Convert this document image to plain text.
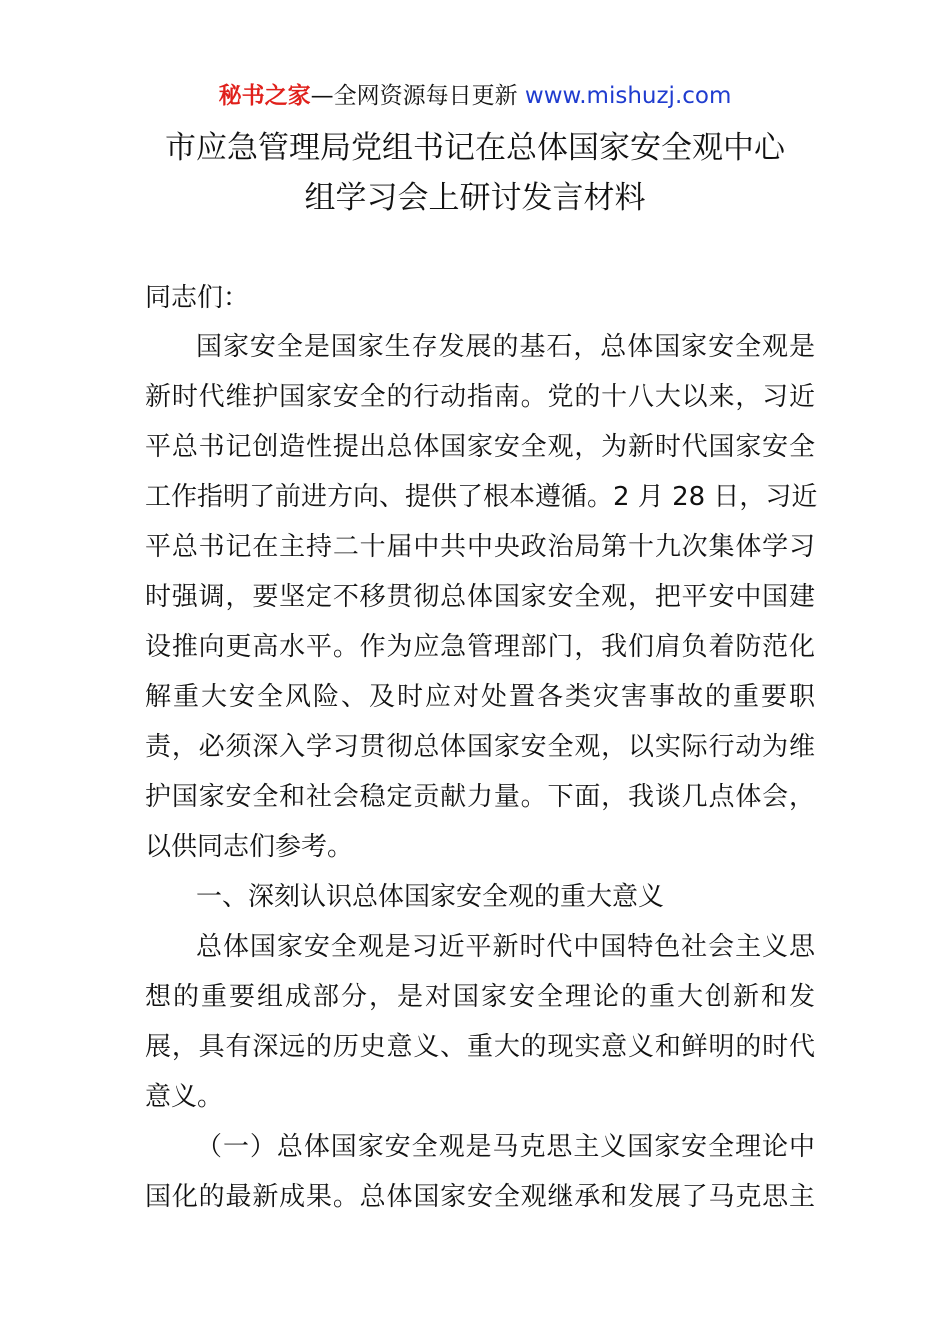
秘书之家—全网资源每日更新 www.mishuzj.com
市应急管理局党组书记在总体国家安全观中心
组学习会上研讨发言材料
同志们：
国家安全是国家生存发展的基石，总体国家安全观是
新时代维护国家安全的行动指南。党的十八大以来，习近
平总书记创造性提出总体国家安全观，为新时代国家安全
工作指明了前进方向、提供了根本遵循。2 月 28 日，习近
平总书记在主持二十届中共中央政治局第十九次集体学习
时强调，要坚定不移贯彻总体国家安全观，把平安中国建
设推向更高水平。作为应急管理部门，我们肩负着防范化
解重大安全风险、及时应对处置各类灾害事故的重要职
责，必须深入学习贯彻总体国家安全观，以实际行动为维
护国家安全和社会稳定贡献力量。下面，我谈几点体会，
以供同志们参考。
一、深刻认识总体国家安全观的重大意义
总体国家安全观是习近平新时代中国特色社会主义思
想的重要组成部分，是对国家安全理论的重大创新和发
展，具有深远的历史意义、重大的现实意义和鲜明的时代
意义。
（一）总体国家安全观是马克思主义国家安全理论中
国化的最新成果。总体国家安全观继承和发展了马克思主
